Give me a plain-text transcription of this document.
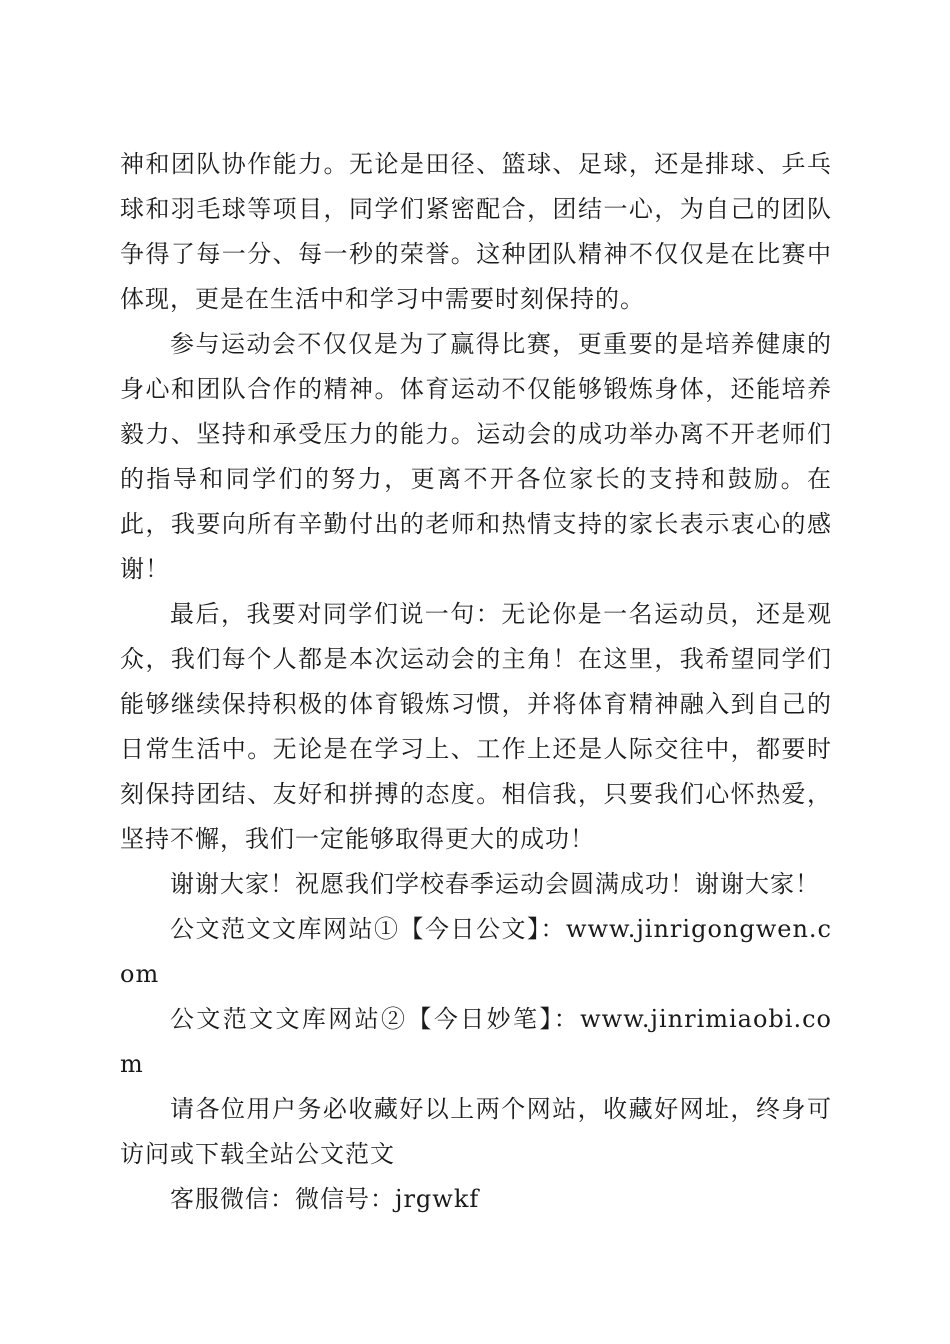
神和团队协作能力。无论是田径、篮球、足球，还是排球、乒乓球和羽毛球等项目，同学们紧密配合，团结一心，为自己的团队争得了每一分、每一秒的荣誉。这种团队精神不仅仅是在比赛中体现，更是在生活中和学习中需要时刻保持的。

参与运动会不仅仅是为了赢得比赛，更重要的是培养健康的身心和团队合作的精神。体育运动不仅能够锻炼身体，还能培养毅力、坚持和承受压力的能力。运动会的成功举办离不开老师们的指导和同学们的努力，更离不开各位家长的支持和鼓励。在此，我要向所有辛勤付出的老师和热情支持的家长表示衷心的感谢！

最后，我要对同学们说一句：无论你是一名运动员，还是观众，我们每个人都是本次运动会的主角！在这里，我希望同学们能够继续保持积极的体育锻炼习惯，并将体育精神融入到自己的日常生活中。无论是在学习上、工作上还是人际交往中，都要时刻保持团结、友好和拼搏的态度。相信我，只要我们心怀热爱，坚持不懈，我们一定能够取得更大的成功！

谢谢大家！祝愿我们学校春季运动会圆满成功！谢谢大家！

公文范文文库网站①【今日公文】：www.jinrigongwen.com

公文范文文库网站②【今日妙笔】：www.jinrimiaobi.com

请各位用户务必收藏好以上两个网站，收藏好网址，终身可访问或下载全站公文范文

客服微信：微信号：jrgwkf
